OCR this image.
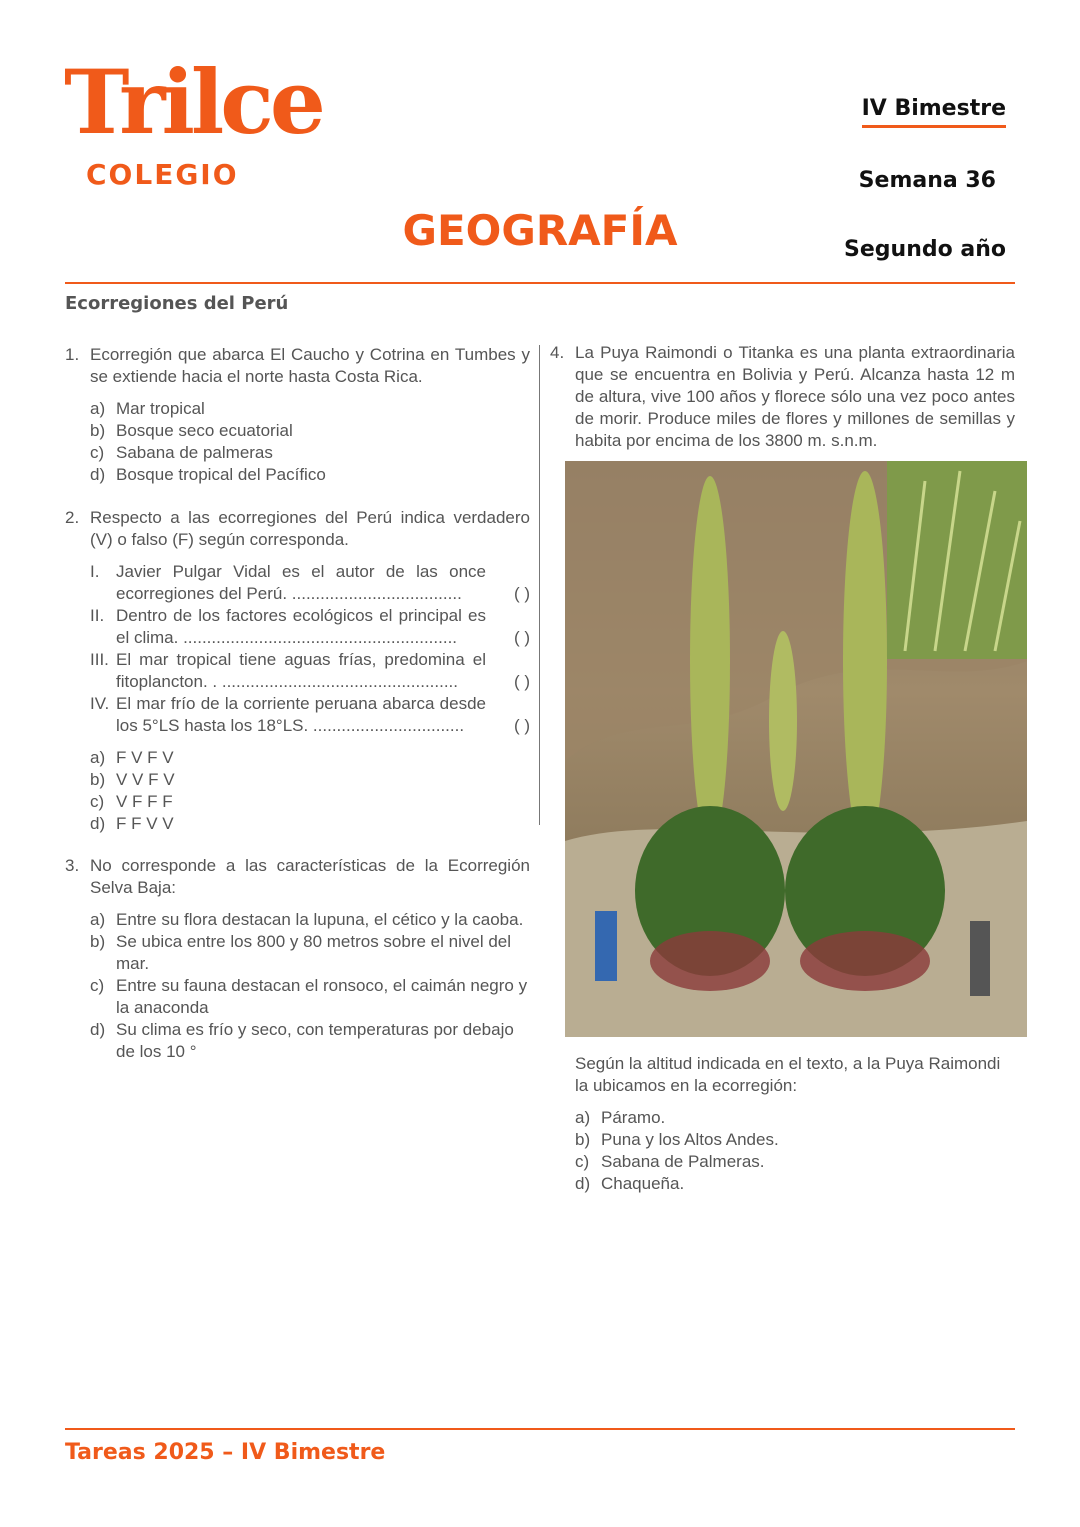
Trilce
COLEGIO
GEOGRAFÍA
IV Bimestre
Semana 36
Segundo año
Ecorregiones del Perú
1. Ecorregión que abarca El Caucho y Cotrina en Tumbes y se extiende hacia el norte hasta Costa Rica.

a) Mar tropical
b) Bosque seco ecuatorial
c) Sabana de palmeras
d) Bosque tropical del Pacífico
2. Respecto a las ecorregiones del Perú indica verdadero (V) o falso (F) según corresponda.

I. Javier Pulgar Vidal es el autor de las once ecorregiones del Perú. ....................................	( )
II. Dentro de los factores ecológicos el principal es el clima. ..........................................................	( )
III. El mar tropical tiene aguas frías, predomina el fitoplancton. . ..................................................	( )
IV. El mar frío de la corriente peruana abarca desde los 5°LS hasta los 18°LS. ................................	( )
a) F V F V
b) V V F V
c) V F F F
d) F F V V
3. No corresponde a las características de la Ecorregión Selva Baja:

a) Entre su flora destacan la lupuna, el cético y la caoba.
b) Se ubica entre los 800 y 80 metros sobre el nivel del mar.
c) Entre su fauna destacan el ronsoco, el caimán negro y la anaconda
d) Su clima es frío y seco, con temperaturas por debajo de los 10 °
4. La Puya Raimondi o Titanka es una planta extraordinaria que se encuentra en Bolivia y Perú. Alcanza hasta 12 m de altura, vive 100 años y florece sólo una vez poco antes de morir. Produce miles de flores y millones de semillas y habita por encima de los 3800 m. s.n.m.

Según la altitud indicada en el texto, a la Puya Raimondi la ubicamos en la ecorregión:

a) Páramo.
b) Puna y los Altos Andes.
c) Sabana de Palmeras.
d) Chaqueña.
Tareas 2025 – IV Bimestre
